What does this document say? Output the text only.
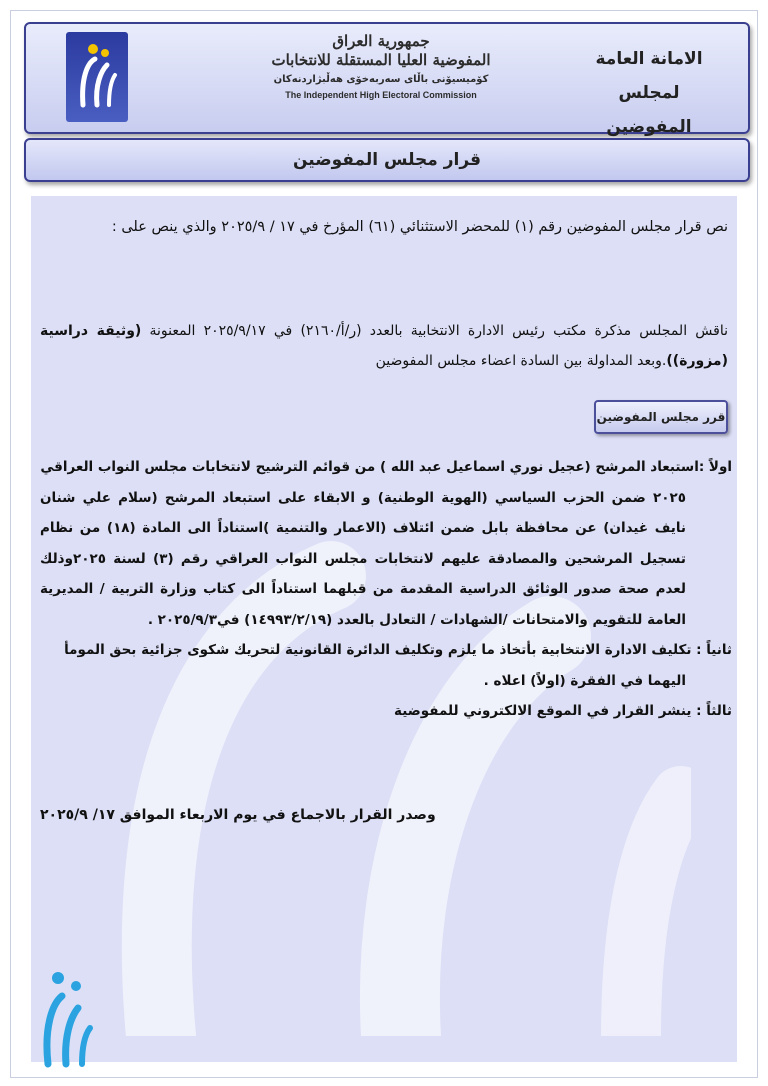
جمهورية العراق
المفوضية العليا المستقلة للانتخابات
كۆمیسیۆنی باڵای سەربەخۆی هەڵبژاردنەکان
The Independent High Electoral Commission
الامانة العامة
لمجلس المفوضين
قرار مجلس المفوضين
نص قرار مجلس المفوضين رقم (١) للمحضر الاستثنائي (٦١) المؤرخ في ١٧ / ٢٠٢٥/٩ والذي ينص على :
ناقش المجلس مذكرة مكتب رئيس الادارة الانتخابية بالعدد (ر/أ/٢١٦٠) في ٢٠٢٥/٩/١٧ المعنونة (وثيقة دراسية (مزورة)).وبعد المداولة بين السادة اعضاء مجلس المفوضين
قرر مجلس المفوضين
اولاً :استبعاد المرشح (عجيل نوري اسماعيل عبد الله ) من قوائم الترشيح لانتخابات مجلس النواب العراقي
٢٠٢٥ ضمن الحزب السياسي (الهوية الوطنية) و الابقاء على استبعاد المرشح (سلام علي شنان نايف غيدان) عن محافظة بابل ضمن ائتلاف (الاعمار والتنمية )استناداً الى المادة (١٨) من نظام تسجيل المرشحين والمصادقة عليهم لانتخابات مجلس النواب العراقي رقم (٣) لسنة ٢٠٢٥وذلك لعدم صحة صدور الوثائق الدراسية المقدمة من قبلهما استناداً الى كتاب وزارة التربية / المديرية العامة للتقويم والامتحانات /الشهادات / التعادل بالعدد (١٤٩٩٣/٢/١٩) في٢٠٢٥/٩/٣ .
ثانياً : تكليف الادارة الانتخابية بأتخاذ ما يلزم وتكليف الدائرة القانونية لتحريك شكوى جزائية بحق المومأ
اليهما في الفقرة (اولاً) اعلاه .
ثالثاً : ينشر القرار في الموقع الالكتروني للمفوضية
وصدر القرار بالاجماع في يوم الاربعاء الموافق ١٧/ ٢٠٢٥/٩
